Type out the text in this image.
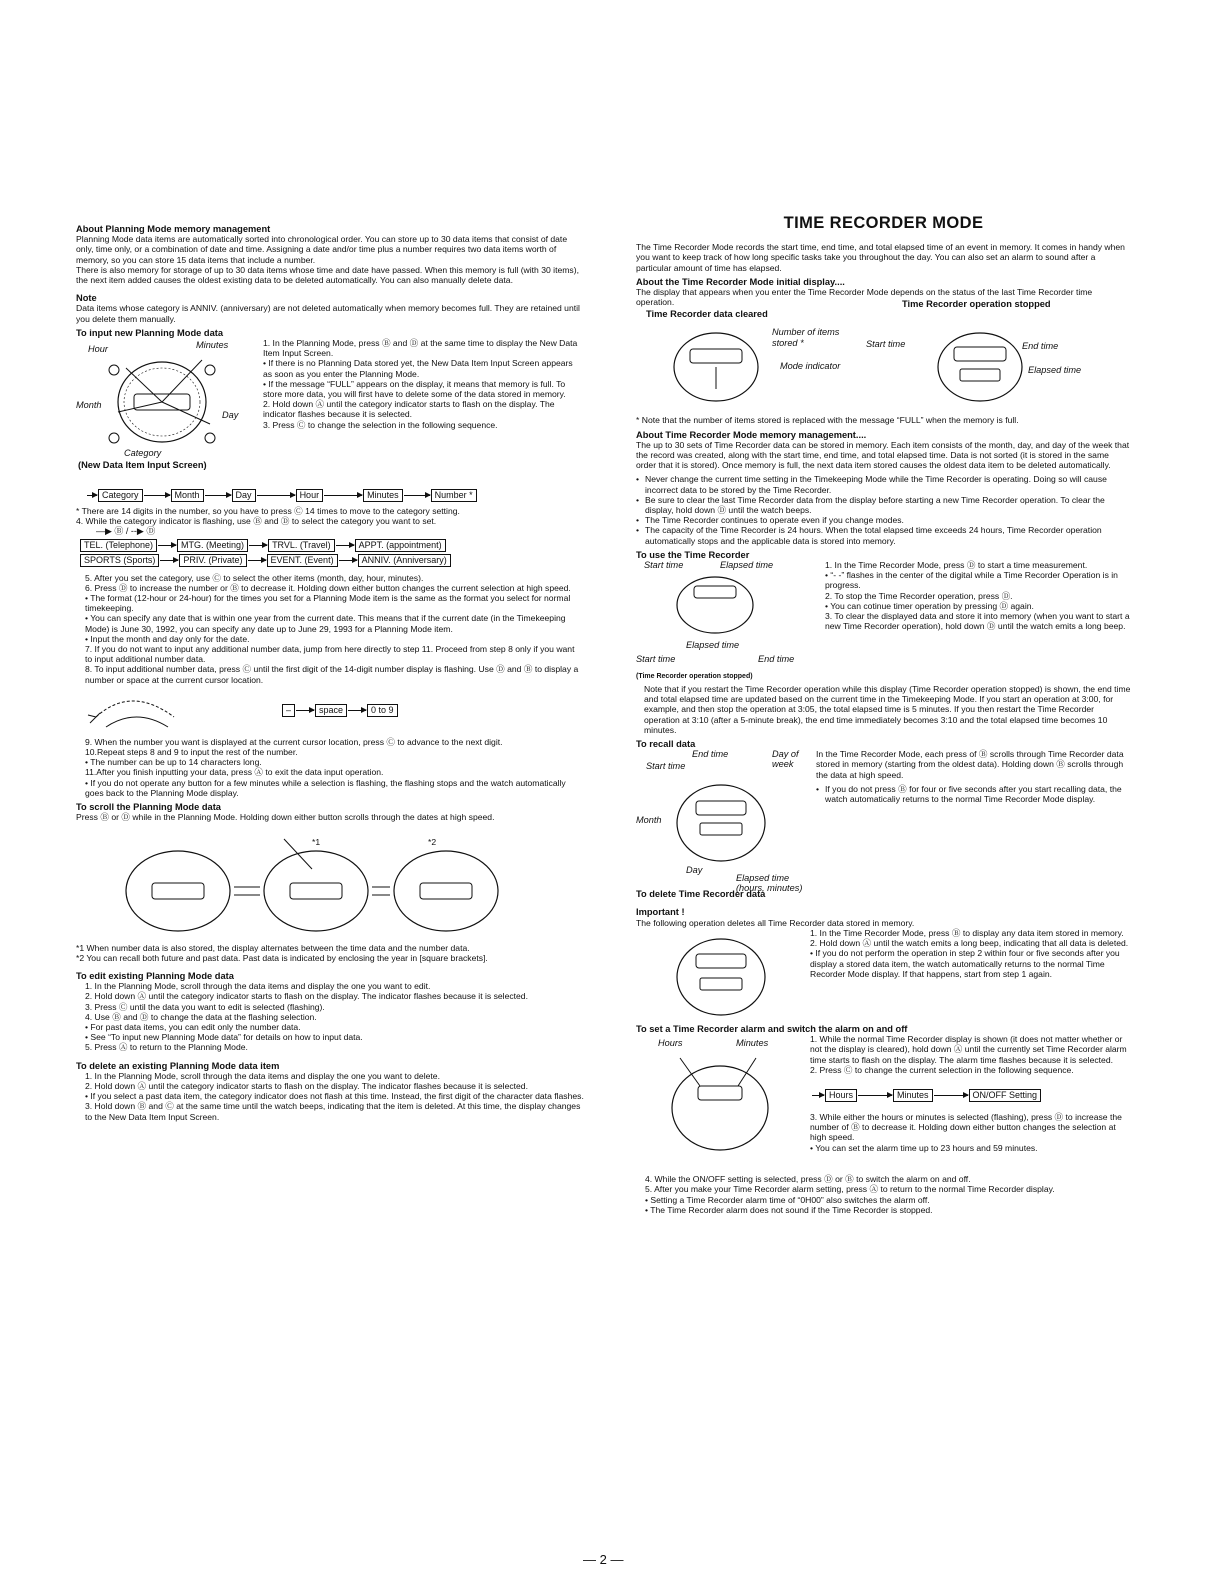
About Planning Mode memory management

Planning Mode data items are automatically sorted into chronological order. You can store up to 30 data items that consist of date only, time only, or a combination of date and time. Assigning a date and/or time plus a number requires two data items worth of memory, so you can store 15 data items that include a number.

There is also memory for storage of up to 30 data items whose time and date have passed. When this memory is full (with 30 items), the next item added causes the oldest existing data to be deleted automatically. You can also manually delete data.

Note

Data items whose category is ANNIV. (anniversary) are not deleted automatically when memory becomes full. They are retained until you delete them manually.

To input new Planning Mode data

Hour	Minutes
Month
Day
Category
(New Data Item Input Screen)
1. In the Planning Mode, press Ⓑ and Ⓓ at the same time to display the New Data Item Input Screen.
• If there is no Planning Data stored yet, the New Data Item Input Screen appears as soon as you enter the Planning Mode.
• If the message “FULL” appears on the display, it means that memory is full. To store more data, you will first have to delete some of the data stored in memory.
2. Hold down Ⓐ until the category indicator starts to flash on the display. The indicator flashes because it is selected.
3. Press Ⓒ to change the selection in the following sequence.
Category	Month	Day	Hour	Minutes	Number *

* There are 14 digits in the number, so you have to press Ⓒ 14 times to move to the category setting.

4. While the category indicator is flashing, use Ⓑ and Ⓓ to select the category you want to set.

—▶ Ⓑ / --▶ Ⓓ

TEL. (Telephone)	MTG. (Meeting)	TRVL. (Travel)	APPT. (appointment)
SPORTS (Sports)	PRIV. (Private)	EVENT. (Event)	ANNIV. (Anniversary)
5. After you set the category, use Ⓒ to select the other items (month, day, hour, minutes).
6. Press Ⓓ to increase the number or Ⓑ to decrease it. Holding down either button changes the current selection at high speed.
• The format (12-hour or 24-hour) for the times you set for a Planning Mode item is the same as the format you select for normal timekeeping.
• You can specify any date that is within one year from the current date. This means that if the current date (in the Timekeeping Mode) is June 30, 1992, you can specify any date up to June 29, 1993 for a Planning Mode item.
• Input the month and day only for the date.
7. If you do not want to input any additional number data, jump from here directly to step 11. Proceed from step 8 only if you want to input additional number data.
8. To input additional number data, press Ⓒ until the first digit of the 14-digit number display is flashing. Use Ⓓ and Ⓑ to display a number or space at the current cursor location.
–	space	0 to 9
9. When the number you want is displayed at the current cursor location, press Ⓒ to advance to the next digit.
10.Repeat steps 8 and 9 to input the rest of the number.
• The number can be up to 14 characters long.
11.After you finish inputting your data, press Ⓐ to exit the data input operation.
• If you do not operate any button for a few minutes while a selection is flashing, the flashing stops and the watch automatically goes back to the Planning Mode display.

To scroll the Planning Mode data

Press Ⓑ or Ⓓ while in the Planning Mode. Holding down either button scrolls through the dates at high speed.

*1	*2

*1 When number data is also stored, the display alternates between the time data and the number data.

*2 You can recall both future and past data. Past data is indicated by enclosing the year in [square brackets].

To edit existing Planning Mode data

1. In the Planning Mode, scroll through the data items and display the one you want to edit.
2. Hold down Ⓐ until the category indicator starts to flash on the display. The indicator flashes because it is selected.
3. Press Ⓒ until the data you want to edit is selected (flashing).
4. Use Ⓑ and Ⓓ to change the data at the flashing selection.
• For past data items, you can edit only the number data.
• See “To input new Planning Mode data” for details on how to input data.
5. Press Ⓐ to return to the Planning Mode.

To delete an existing Planning Mode data item

1. In the Planning Mode, scroll through the data items and display the one you want to delete.
2. Hold down Ⓐ until the category indicator starts to flash on the display. The indicator flashes because it is selected.
• If you select a past data item, the category indicator does not flash at this time. Instead, the first digit of the character data flashes.
3. Hold down Ⓑ and Ⓒ at the same time until the watch beeps, indicating that the item is deleted. At this time, the display changes to the New Data Item Input Screen.

TIME RECORDER MODE

The Time Recorder Mode records the start time, end time, and total elapsed time of an event in memory. It comes in handy when you want to keep track of how long specific tasks take you throughout the day. You can also set an alarm to sound after a particular amount of time has elapsed.

About the Time Recorder Mode initial display....

The display that appears when you enter the Time Recorder Mode depends on the status of the last Time Recorder time operation.

Time Recorder data cleared
Time Recorder operation stopped
Number of items stored *
Mode indicator
Start time	End time
Elapsed time

* Note that the number of items stored is replaced with the message “FULL” when the memory is full.

About Time Recorder Mode memory management....

The up to 30 sets of Time Recorder data can be stored in memory. Each item consists of the month, day, and day of the week that the record was created, along with the start time, end time, and total elapsed time. Data is not sorted (it is stored in the same order that it is stored). Once memory is full, the next data item stored causes the oldest data item to be deleted automatically.

• Never change the current time setting in the Timekeeping Mode while the Time Recorder is operating. Doing so will cause incorrect data to be stored by the Time Recorder.
• Be sure to clear the last Time Recorder data from the display before starting a new Time Recorder operation. To clear the display, hold down Ⓓ until the watch beeps.
• The Time Recorder continues to operate even if you change modes.
• The capacity of the Time Recorder is 24 hours. When the total elapsed time exceeds 24 hours, Time Recorder operation automatically stops and the applicable data is stored into memory.

To use the Time Recorder

Start time	Elapsed time
Elapsed time
Start time	End time
(Time Recorder operation stopped)
1. In the Time Recorder Mode, press Ⓓ to start a time measurement.
• “- -” flashes in the center of the digital while a Time Recorder Operation is in progress.
2. To stop the Time Recorder operation, press Ⓓ.
• You can cotinue timer operation by pressing Ⓓ again.
3. To clear the displayed data and store it into memory (when you want to start a new Time Recorder operation), hold down Ⓓ until the watch emits a long beep.

Note that if you restart the Time Recorder operation while this display (Time Recorder operation stopped) is shown, the end time and total elapsed time are updated based on the current time in the Timekeeping Mode. If you start an operation at 3:00, for example, and then stop the operation at 3:05, the total elapsed time is 5 minutes. If you then restart the Time Recorder operation at 3:10 (after a 5-minute break), the end time immediately becomes 3:10 and the total elapsed time becomes 10 minutes.

To recall data

End time	Day of week
Start time
Month
Day
Elapsed time (hours, minutes)

In the Time Recorder Mode, each press of Ⓑ scrolls through Time Recorder data stored in memory (starting from the oldest data). Holding down Ⓑ scrolls through the data at high speed.

• If you do not press Ⓑ for four or five seconds after you start recalling data, the watch automaticaliy returns to the normal Time Recorder Mode display.

To delete Time Recorder data

Important !

The following operation deletes all Time Recorder data stored in memory.

1. In the Time Recorder Mode, press Ⓑ to display any data item stored in memory.
2. Hold down Ⓐ until the watch emits a long beep, indicating that all data is deleted.
• If you do not perform the operation in step 2 within four or five seconds after you display a stored data item, the watch automatically returns to the normal Time Recorder Mode display. If that happens, start from step 1 again.

To set a Time Recorder alarm and switch the alarm on and off

Hours	Minutes	1. While the normal Time Recorder display is shown (it does not matter whether or not the display is cleared), hold down Ⓐ until the currently set Time Recorder alarm time starts to flash on the display. The alarm time flashes because it is selected.
2. Press Ⓒ to change the current selection in the following sequence.
Hours	Minutes	ON/OFF Setting
3. While either the hours or minutes is selected (flashing), press Ⓓ to increase the number of Ⓑ to decrease it. Holding down either button changes the selection at high speed.
• You can set the alarm time up to 23 hours and 59 minutes.
4. While the ON/OFF setting is selected, press Ⓓ or Ⓑ to switch the alarm on and off.
5. After you make your Time Recorder alarm setting, press Ⓐ to return to the normal Time Recorder display.
• Setting a Time Recorder alarm time of “0H00” also switches the alarm off.
• The Time Recorder alarm does not sound if the Time Recorder is stopped.
— 2 —
